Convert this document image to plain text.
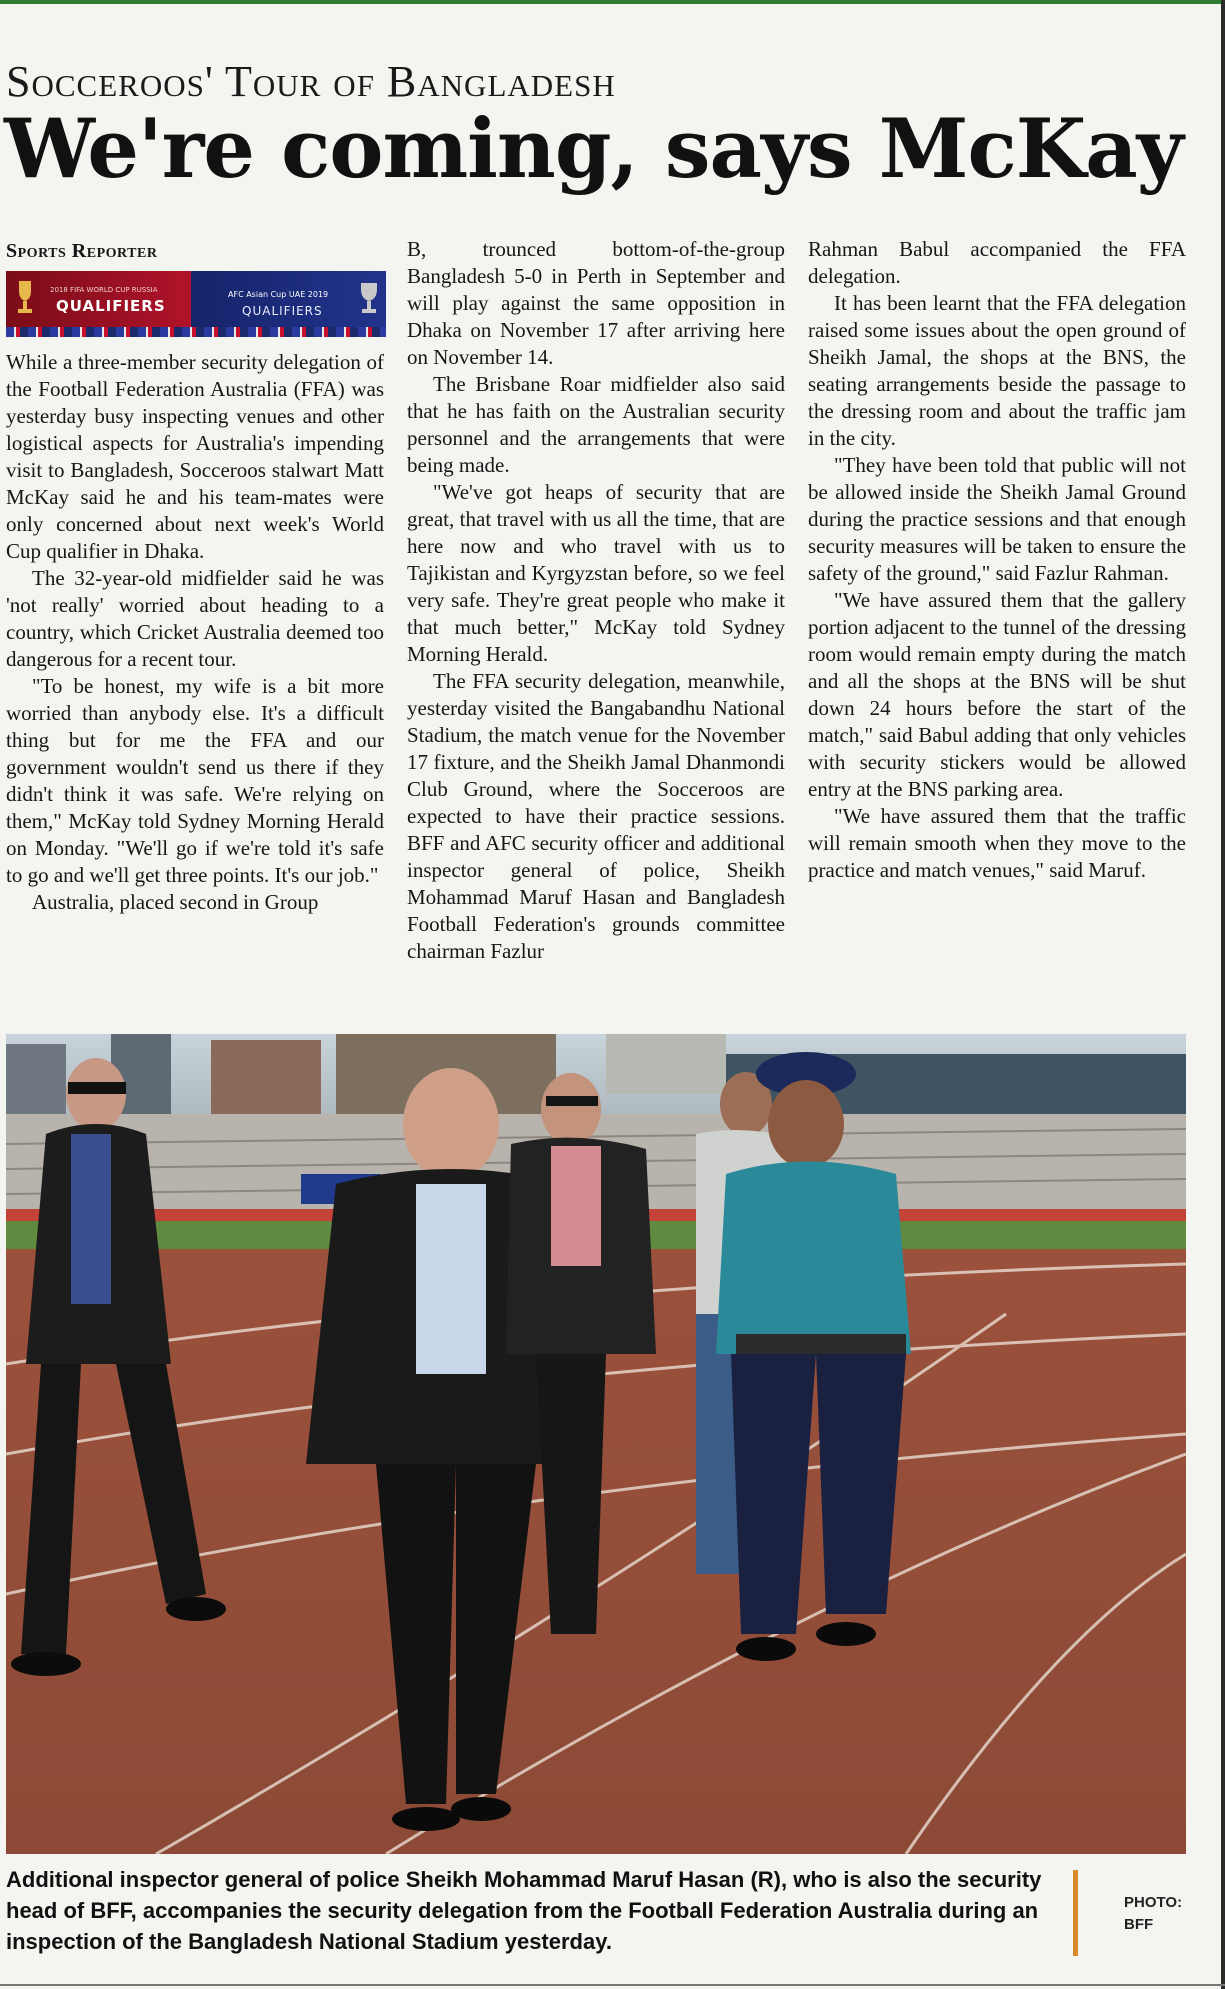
Socceroos' Tour of Bangladesh
We're coming, says McKay
Sports Reporter
2018 FIFA WORLD CUP RUSSIA
QUALIFIERS
AFC Asian Cup UAE 2019
QUALIFIERS

While a three-member security delegation of the Football Federation Australia (FFA) was yesterday busy inspecting venues and other logistical aspects for Australia's impending visit to Bangladesh, Socceroos stalwart Matt McKay said he and his team-mates were only concerned about next week's World Cup qualifier in Dhaka.

The 32-year-old midfielder said he was 'not really' worried about heading to a country, which Cricket Australia deemed too dangerous for a recent tour.

"To be honest, my wife is a bit more worried than anybody else. It's a difficult thing but for me the FFA and our government wouldn't send us there if they didn't think it was safe. We're relying on them," McKay told Sydney Morning Herald on Monday. "We'll go if we're told it's safe to go and we'll get three points. It's our job."

Australia, placed second in Group

B, trounced bottom-of-the-group Bangladesh 5-0 in Perth in September and will play against the same opposition in Dhaka on November 17 after arriving here on November 14.

The Brisbane Roar midfielder also said that he has faith on the Australian security personnel and the arrangements that were being made.

"We've got heaps of security that are great, that travel with us all the time, that are here now and who travel with us to Tajikistan and Kyrgyzstan before, so we feel very safe. They're great people who make it that much better," McKay told Sydney Morning Herald.

The FFA security delegation, meanwhile, yesterday visited the Bangabandhu National Stadium, the match venue for the November 17 fixture, and the Sheikh Jamal Dhanmondi Club Ground, where the Socceroos are expected to have their practice sessions. BFF and AFC security officer and additional inspector general of police, Sheikh Mohammad Maruf Hasan and Bangladesh Football Federation's grounds committee chairman Fazlur

Rahman Babul accompanied the FFA delegation.

It has been learnt that the FFA delegation raised some issues about the open ground of Sheikh Jamal, the shops at the BNS, the seating arrangements beside the passage to the dressing room and about the traffic jam in the city.

"They have been told that public will not be allowed inside the Sheikh Jamal Ground during the practice sessions and that enough security measures will be taken to ensure the safety of the ground," said Fazlur Rahman.

"We have assured them that the gallery portion adjacent to the tunnel of the dressing room would remain empty during the match and all the shops at the BNS will be shut down 24 hours before the start of the match," said Babul adding that only vehicles with security stickers would be allowed entry at the BNS parking area.

"We have assured them that the traffic will remain smooth when they move to the practice and match venues," said Maruf.

Additional inspector general of police Sheikh Mohammad Maruf Hasan (R), who is also the security head of BFF, accompanies the security delegation from the Football Federation Australia during an inspection of the Bangladesh National Stadium yesterday.
PHOTO:
BFF
